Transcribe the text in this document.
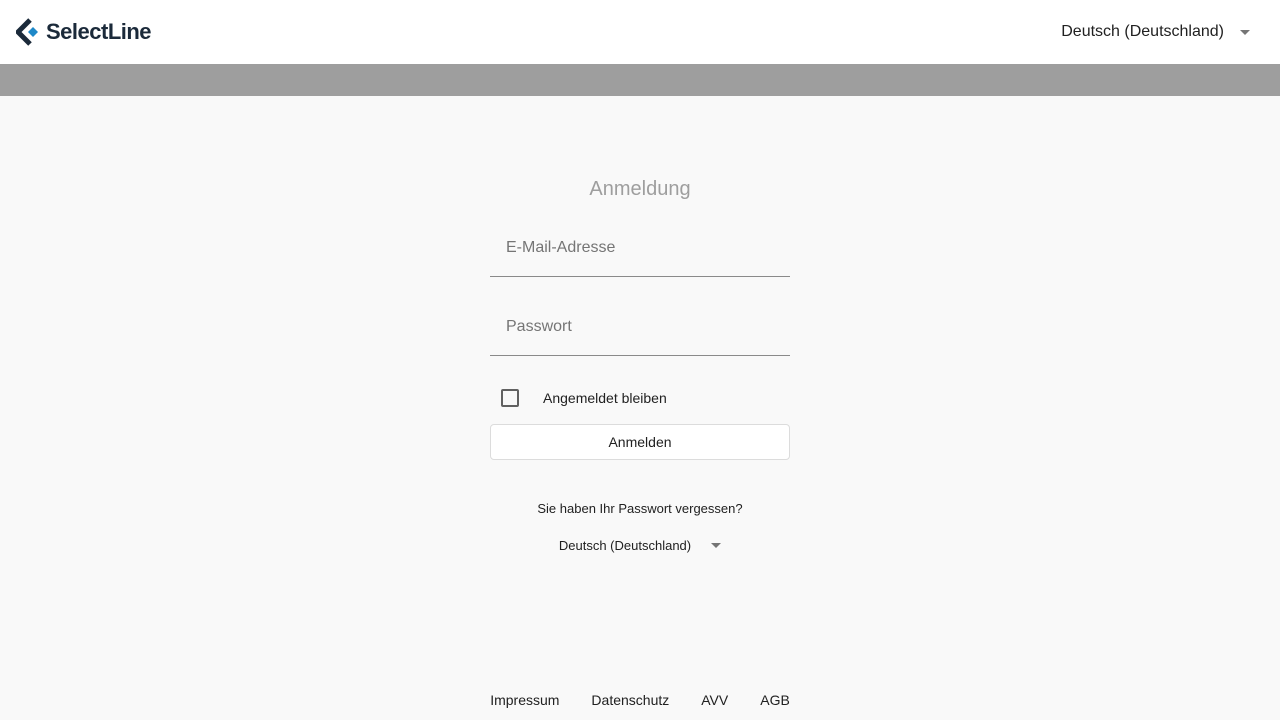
SelectLine	Deutsch (Deutschland)
Anmeldung
E-Mail-Adresse
Angemeldet bleiben
Anmelden
Sie haben Ihr Passwort vergessen?
Deutsch (Deutschland)
Impressum Datenschutz AVV AGB
